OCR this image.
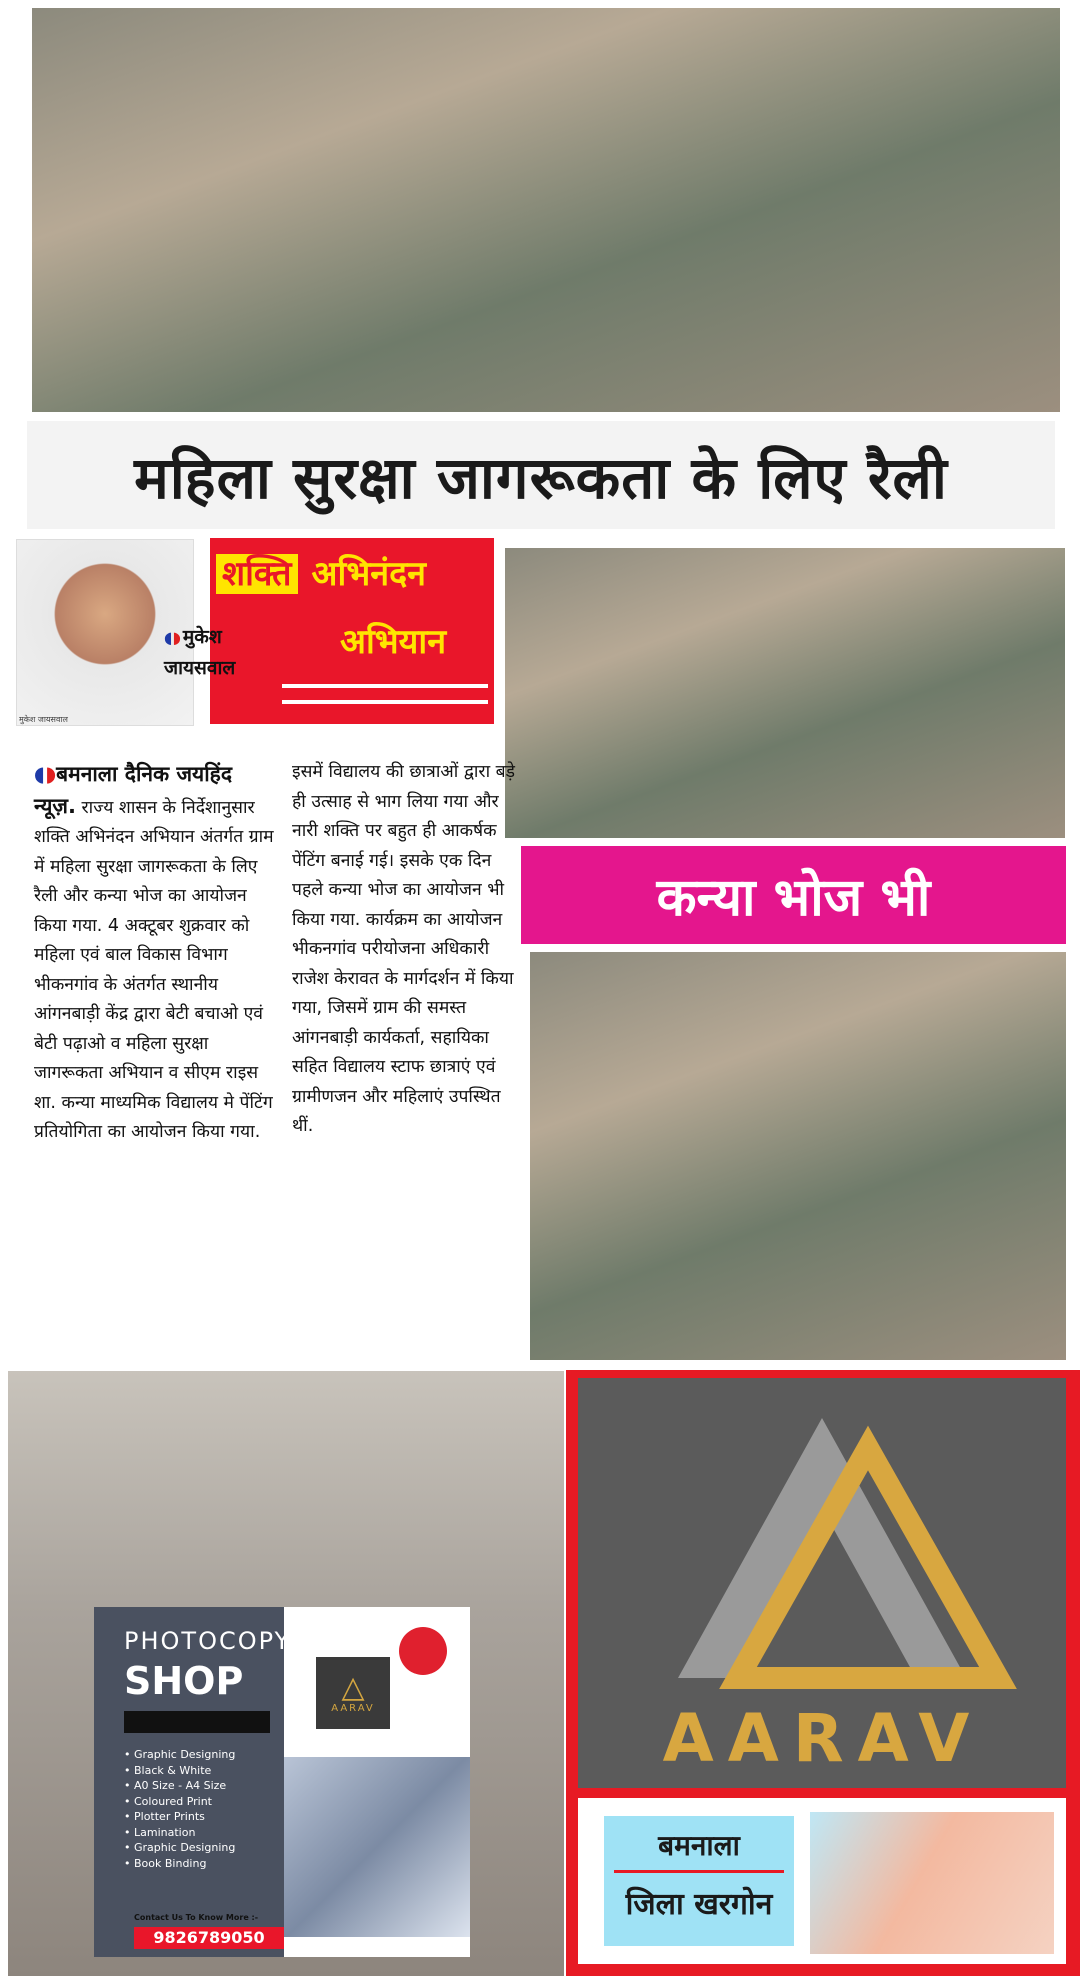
महिला सुरक्षा जागरूकता के लिए रैली
मुकेश जायसवाल
शक्ति अभिनंदन
अभियान
◖◗ मुकेश
जायसवाल
◖◗बमनाला दैनिक जयहिंद न्यूज़. राज्य शासन के निर्देशानुसार शक्ति अभिनंदन अभियान अंतर्गत ग्राम में महिला सुरक्षा जागरूकता के लिए रैली और कन्या भोज का आयोजन किया गया. 4 अक्टूबर शुक्रवार को महिला एवं बाल विकास विभाग भीकनगांव के अंतर्गत स्थानीय आंगनबाड़ी केंद्र द्वारा बेटी बचाओ एवं बेटी पढ़ाओ व महिला सुरक्षा जागरूकता अभियान व सीएम राइस शा. कन्या माध्यमिक विद्यालय मे पेंटिंग प्रतियोगिता का आयोजन किया गया.
इसमें विद्यालय की छात्राओं द्वारा बड़े ही उत्साह से भाग लिया गया और नारी शक्ति पर बहुत ही आकर्षक पेंटिंग बनाई गई। इसके एक दिन पहले कन्या भोज का आयोजन भी किया गया. कार्यक्रम का आयोजन भीकनगांव परीयोजना अधिकारी राजेश केरावत के मार्गदर्शन में किया गया, जिसमें ग्राम की समस्त आंगनबाड़ी कार्यकर्ता, सहायिका सहित विद्यालय स्टाफ छात्राएं एवं ग्रामीणजन और महिलाएं उपस्थित थीं.
कन्या भोज भी
PHOTOCOPY
SHOP	△
AARAV
• Graphic Designing
• Black & White
• A0 Size - A4 Size
• Coloured Print
• Plotter Prints
• Lamination
• Graphic Designing
• Book Binding
Contact Us To Know More :-
9826789050
AARAV
बमनाला
जिला खरगोन
